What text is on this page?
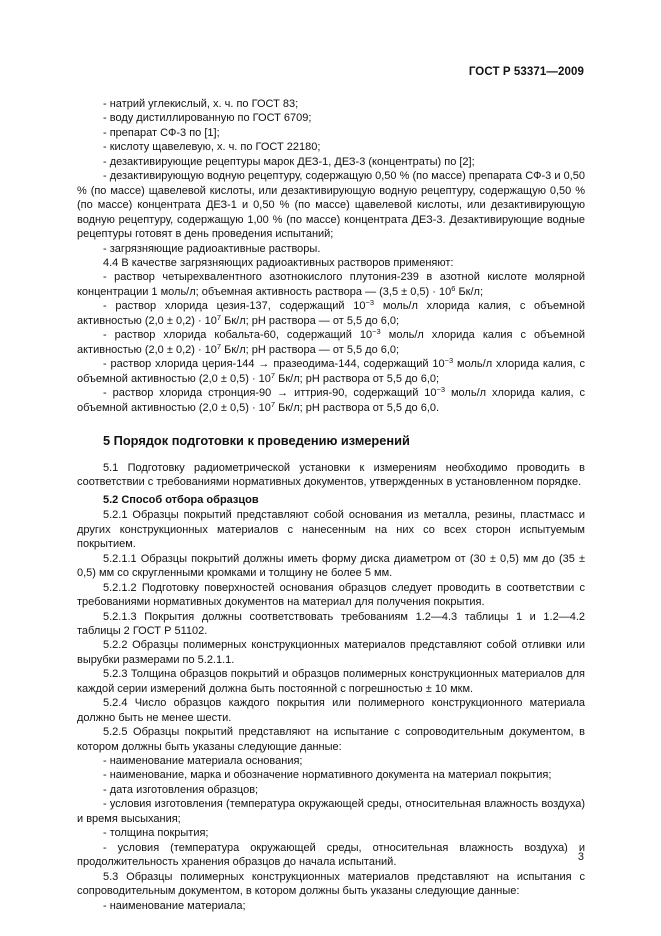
ГОСТ Р 53371—2009

- натрий углекислый, х. ч. по ГОСТ 83;

- воду дистиллированную по ГОСТ 6709;

- препарат СФ-3 по [1];

- кислоту щавелевую, х. ч. по ГОСТ 22180;

- дезактивирующие рецептуры марок ДЕЗ-1, ДЕЗ-3 (концентраты) по [2];

- дезактивирующую водную рецептуру, содержащую 0,50 % (по массе) препарата СФ-3 и 0,50 % (по массе) щавелевой кислоты, или дезактивирующую водную рецептуру, содержащую 0,50 % (по массе) концентрата ДЕЗ-1 и 0,50 % (по массе) щавелевой кислоты, или дезактивирующую водную рецептуру, содержащую 1,00 % (по массе) концентрата ДЕЗ-3. Дезактивирующие водные рецептуры готовят в день проведения испытаний;

- загрязняющие радиоактивные растворы.

4.4 В качестве загрязняющих радиоактивных растворов применяют:

- раствор четырехвалентного азотнокислого плутония-239 в азотной кислоте молярной концентрации 1 моль/л; объемная активность раствора — $(3,5 \pm 0,5) \cdot 10^6$ Бк/л;

- раствор хлорида цезия-137, содержащий $10^{-3}$ моль/л хлорида калия, с объемной активностью $(2,0 \pm 0,2) \cdot 10^7$ Бк/л; pH раствора — от 5,5 до 6,0;

- раствор хлорида кобальта-60, содержащий $10^{-3}$ моль/л хлорида калия с объемной активностью $(2,0 \pm 0,2) \cdot 10^7$ Бк/л; pH раствора — от 5,5 до 6,0;

- раствор хлорида церия-144 → празеодима-144, содержащий $10^{-3}$ моль/л хлорида калия, с объемной активностью $(2,0 \pm 0,5) \cdot 10^7$ Бк/л; pH раствора от 5,5 до 6,0;

- раствор хлорида стронция-90 → иттрия-90, содержащий $10^{-3}$ моль/л хлорида калия, с объемной активностью $(2,0 \pm 0,5) \cdot 10^7$ Бк/л; pH раствора от 5,5 до 6,0.

5 Порядок подготовки к проведению измерений

5.1 Подготовку радиометрической установки к измерениям необходимо проводить в соответствии с требованиями нормативных документов, утвержденных в установленном порядке.

5.2 Способ отбора образцов

5.2.1 Образцы покрытий представляют собой основания из металла, резины, пластмасс и других конструкционных материалов с нанесенным на них со всех сторон испытуемым покрытием.

5.2.1.1 Образцы покрытий должны иметь форму диска диаметром от (30 ± 0,5) мм до (35 ± 0,5) мм со скругленными кромками и толщину не более 5 мм.

5.2.1.2 Подготовку поверхностей основания образцов следует проводить в соответствии с требованиями нормативных документов на материал для получения покрытия.

5.2.1.3 Покрытия должны соответствовать требованиям 1.2—4.3 таблицы 1 и 1.2—4.2 таблицы 2 ГОСТ Р 51102.

5.2.2 Образцы полимерных конструкционных материалов представляют собой отливки или вырубки размерами по 5.2.1.1.

5.2.3 Толщина образцов покрытий и образцов полимерных конструкционных материалов для каждой серии измерений должна быть постоянной с погрешностью ± 10 мкм.

5.2.4 Число образцов каждого покрытия или полимерного конструкционного материала должно быть не менее шести.

5.2.5 Образцы покрытий представляют на испытание с сопроводительным документом, в котором должны быть указаны следующие данные:

- наименование материала основания;

- наименование, марка и обозначение нормативного документа на материал покрытия;

- дата изготовления образцов;

- условия изготовления (температура окружающей среды, относительная влажность воздуха) и время высыхания;

- толщина покрытия;

- условия (температура окружающей среды, относительная влажность воздуха) и продолжительность хранения образцов до начала испытаний.

5.3 Образцы полимерных конструкционных материалов представляют на испытания с сопроводительным документом, в котором должны быть указаны следующие данные:

- наименование материала;

3
